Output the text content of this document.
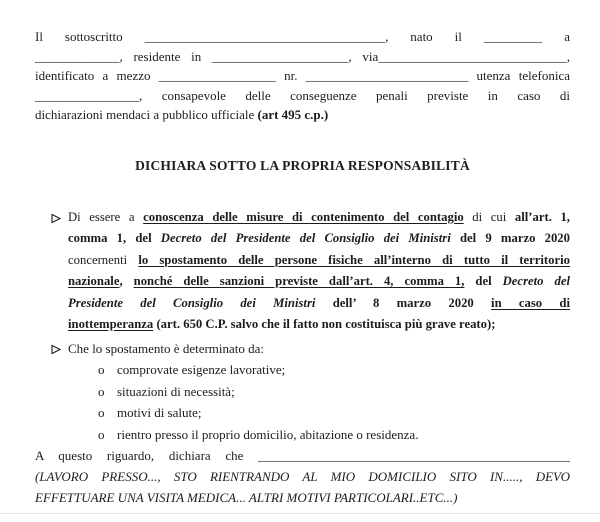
Il sottoscritto _____________________________________, nato il _________ a
_____________, residente in _____________________, via_____________________________,
identificato a mezzo __________________ nr. _________________________ utenza telefonica
________________, consapevole delle conseguenze penali previste in caso di
dichiarazioni mendaci a pubblico ufficiale (art 495 c.p.)
DICHIARA SOTTO LA PROPRIA RESPONSABILITÀ
Di essere a conoscenza delle misure di contenimento del contagio di cui all’art. 1,
comma 1, del Decreto del Presidente del Consiglio dei Ministri del 9 marzo 2020
concernenti lo spostamento delle persone fisiche all’interno di tutto il territorio
nazionale, nonché delle sanzioni previste dall’art. 4, comma 1, del Decreto del
Presidente del Consiglio dei Ministri dell’ 8 marzo 2020 in caso di
inottemperanza (art. 650 C.P. salvo che il fatto non costituisca più grave reato);
Che lo spostamento è determinato da:
o comprovate esigenze lavorative;
o situazioni di necessità;
o motivi di salute;
o rientro presso il proprio domicilio, abitazione o residenza.
A questo riguardo, dichiara che ________________________________________________
(LAVORO PRESSO..., STO RIENTRANDO AL MIO DOMICILIO SITO IN....., DEVO
EFFETTUARE UNA VISITA MEDICA... ALTRI MOTIVI PARTICOLARI..ETC...)
